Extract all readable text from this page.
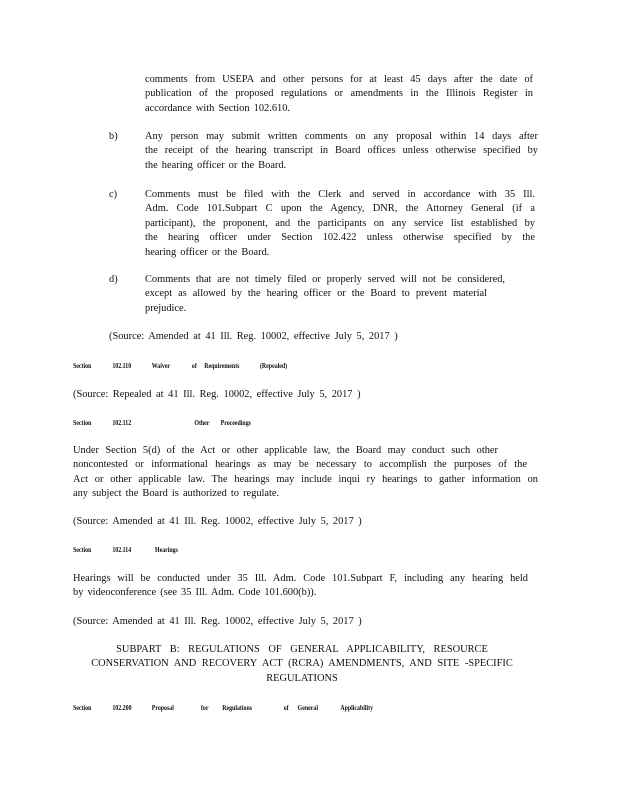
comments from USEPA and other persons for at least 45 days after the date of
publication of the proposed regulations or amendments in the Illinois Register in
accordance with Section 102.610.
b)	Any person may submit written comments on any proposal within 14 days after
the receipt of the hearing transcript in Board offices unless otherwise specified by
the hearing officer or the Board.
c)	Comments must be filed with the Clerk and served in accordance with 35 Ill.
Adm. Code 101.Subpart C upon the Agency, DNR, the Attorney General (if a
participant), the proponent, and the participants on any service list established by
the hearing officer under Section 102.422 unless otherwise specified by the
hearing officer or the Board.
d)	Comments that are not timely filed or properly served will not be considered,
except as allowed by the hearing officer or the Board to prevent material
prejudice.
(Source: Amended at 41 Ill. Reg. 10002, effective July 5, 2017 )
Section	102.110	Waiver	of Requirements	(Repealed)
(Source: Repealed at 41 Ill. Reg. 10002, effective July 5, 2017 )
Section	102.112	Other Proceedings
Under Section 5(d) of the Act or other applicable law, the Board may conduct such other
noncontested or informational hearings as may be necessary to accomplish the purposes of the
Act or other applicable law. The hearings may include inqui ry hearings to gather information on
any subject the Board is authorized to regulate.
(Source: Amended at 41 Ill. Reg. 10002, effective July 5, 2017 )
Section	102.114	Hearings
Hearings will be conducted under 35 Ill. Adm. Code 101.Subpart F, including any hearing held
by videoconference (see 35 Ill. Adm. Code 101.600(b)).
(Source: Amended at 41 Ill. Reg. 10002, effective July 5, 2017 )
SUBPART B: REGULATIONS OF GENERAL APPLICABILITY, RESOURCE
CONSERVATION AND RECOVERY ACT (RCRA) AMENDMENTS, AND SITE -SPECIFIC
REGULATIONS
Section	102.200	Proposal	for Regulations	of General	Applicability
